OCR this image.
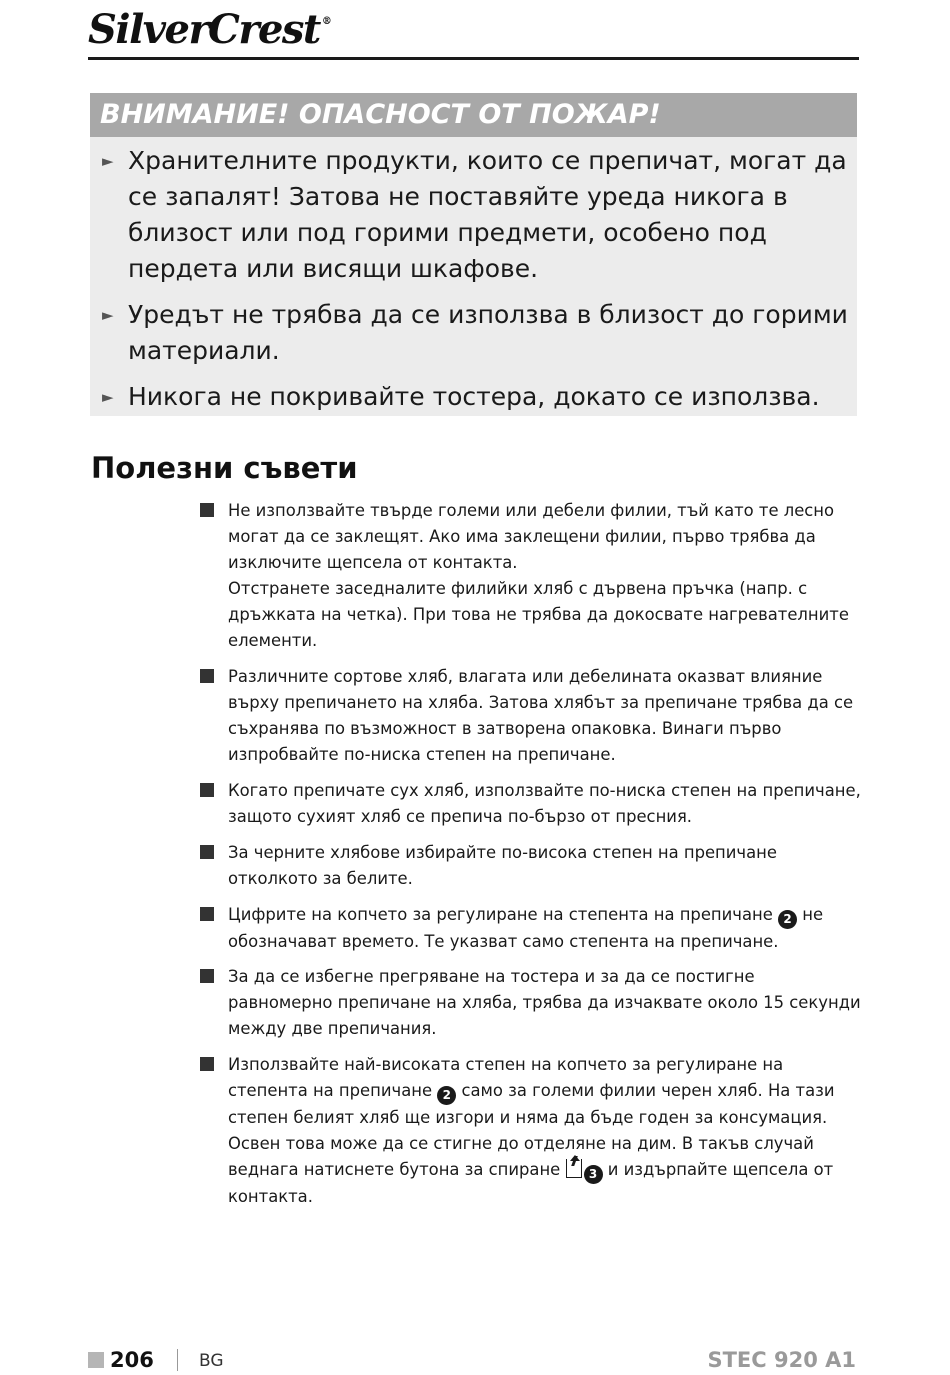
SilverCrest ®
ВНИМАНИЕ! ОПАСНОСТ ОТ ПОЖАР!
► Хранителните продукти, които се препичат, могат да се запалят! Затова не поставяйте уреда никога в близост или под горими предмети, особено под пердета или висящи шкафове.
► Уредът не трябва да се използва в близост до горими материали.
► Никога не покривайте тостера, докато се използва.
Полезни съвети
Не използвайте твърде големи или дебели филии, тъй като те лесно могат да се заклещят. Ако има заклещени филии, първо трябва да изключите щепсела от контакта.
Отстранете заседналите филийки хляб с дървена пръчка (напр. с дръжката на четка). При това не трябва да докосвате нагревателните елементи.
Различните сортове хляб, влагата или дебелината оказват влияние върху препичането на хляба. Затова хлябът за препичане трябва да се съхранява по възможност в затворена опаковка. Винаги първо изпробвайте по-ниска степен на препичане.
Когато препичате сух хляб, използвайте по-ниска степен на препичане, защото сухият хляб се препича по-бързо от пресния.
За черните хлябове избирайте по-висока степен на препичане отколкото за белите.
Цифрите на копчето за регулиране на степента на препичане 2 не обозначават времето. Те указват само степента на препичане.
За да се избегне прегряване на тостера и за да се постигне равномерно препичане на хляба, трябва да изчаквате около 15 секунди между две препичания.
Използвайте най-високата степен на копчето за регулиране на степента на препичане 2 само за големи филии черен хляб. На тази степен белият хляб ще изгори и няма да бъде годен за консумация. Освен това може да се стигне до отделяне на дим. В такъв случай веднага натиснете бутона за спиране 3 и издърпайте щепсела от контакта.
206	BG	STEC 920 A1
